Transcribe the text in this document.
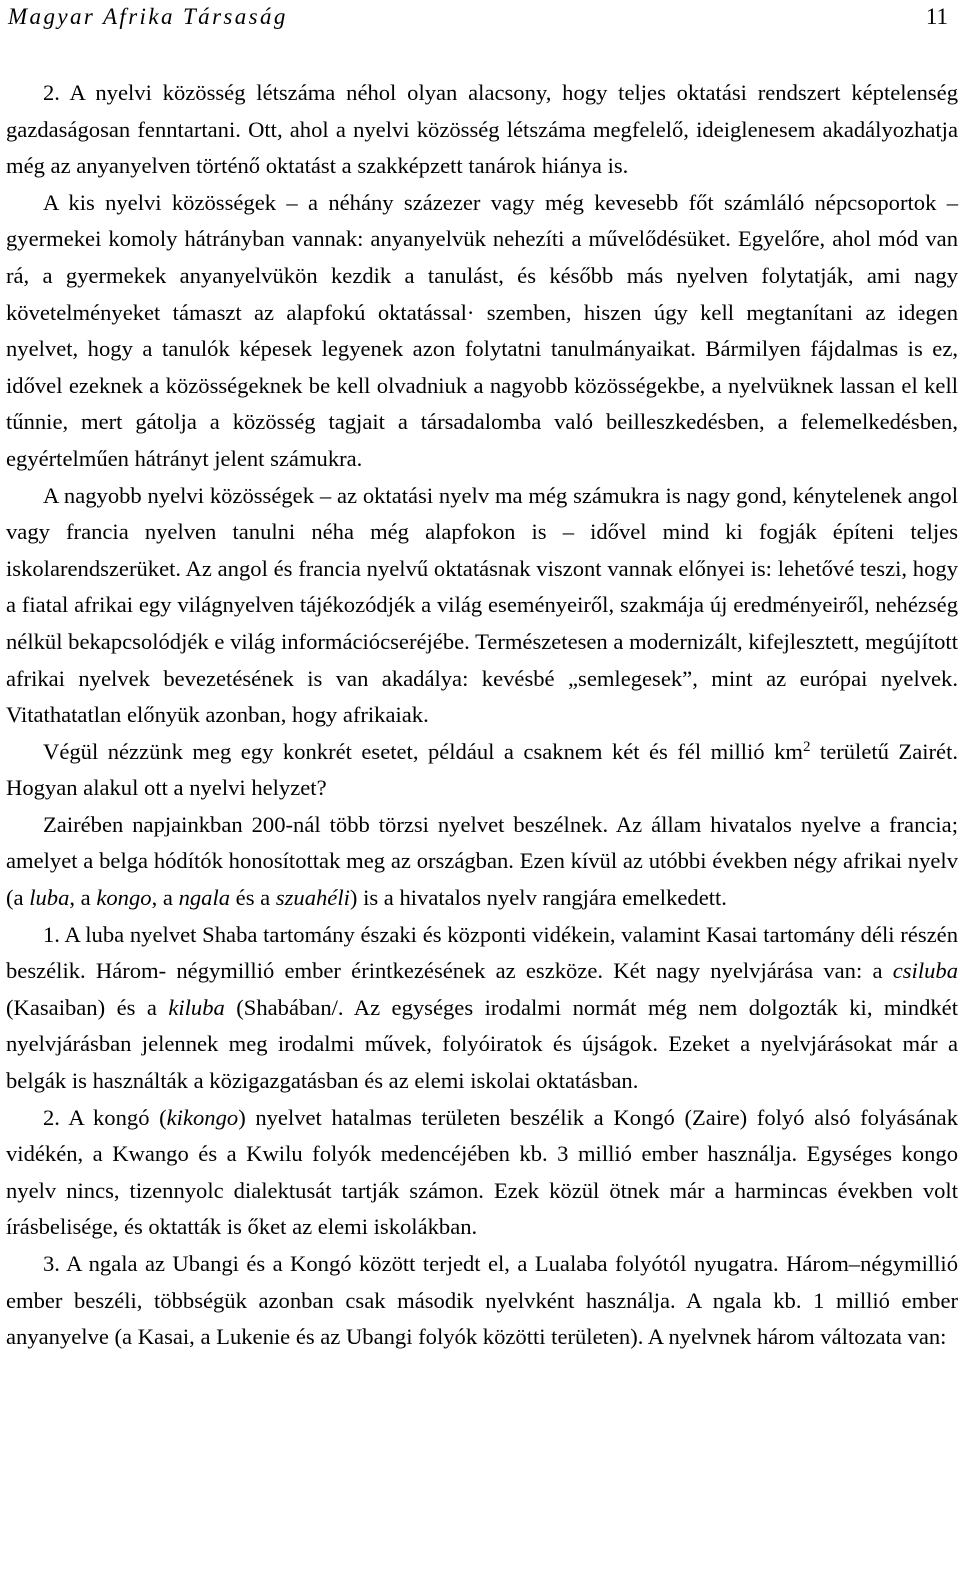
Magyar Afrika Társaság	11

2. A nyelvi közösség létszáma néhol olyan alacsony, hogy teljes oktatási rendszert képtelenség gazdaságosan fenntartani. Ott, ahol a nyelvi közösség létszáma megfelelő, ideiglenesem akadályozhatja még az anyanyelven történő oktatást a szakképzett tanárok hiánya is.

A kis nyelvi közösségek – a néhány százezer vagy még kevesebb főt számláló népcsoportok – gyermekei komoly hátrányban vannak: anyanyelvük nehezíti a művelődésüket. Egyelőre, ahol mód van rá, a gyermekek anyanyelvükön kezdik a tanulást, és később más nyelven folytatják, ami nagy követelményeket támaszt az alapfokú oktatással· szemben, hiszen úgy kell megtanítani az idegen nyelvet, hogy a tanulók képesek legyenek azon folytatni tanulmányaikat. Bármilyen fájdalmas is ez, idővel ezeknek a közösségeknek be kell olvadniuk a nagyobb közösségekbe, a nyelvüknek lassan el kell tűnnie, mert gátolja a közösség tagjait a társadalomba való beilleszkedésben, a felemelkedésben, egyértelműen hátrányt jelent számukra.

A nagyobb nyelvi közösségek – az oktatási nyelv ma még számukra is nagy gond, kénytelenek angol vagy francia nyelven tanulni néha még alapfokon is – idővel mind ki fogják építeni teljes iskolarendszerüket. Az angol és francia nyelvű oktatásnak viszont vannak előnyei is: lehetővé teszi, hogy a fiatal afrikai egy világnyelven tájékozódjék a világ eseményeiről, szakmája új eredményeiről, nehézség nélkül bekapcsolódjék e világ információcseréjébe. Természetesen a modernizált, kifejlesztett, megújított afrikai nyelvek bevezetésének is van akadálya: kevésbé „semlegesek”, mint az európai nyelvek. Vitathatatlan előnyük azonban, hogy afrikaiak.

Végül nézzünk meg egy konkrét esetet, például a csaknem két és fél millió $km^2$ területű Zairét. Hogyan alakul ott a nyelvi helyzet?

Zairében napjainkban 200-nál több törzsi nyelvet beszélnek. Az állam hivatalos nyelve a francia; amelyet a belga hódítók honosítottak meg az országban. Ezen kívül az utóbbi években négy afrikai nyelv (a luba, a kongo, a ngala és a szuahéli) is a hivatalos nyelv rangjára emelkedett.

1. A luba nyelvet Shaba tartomány északi és központi vidékein, valamint Kasai tartomány déli részén beszélik. Három- négymillió ember érintkezésének az eszköze. Két nagy nyelvjárása van: a csiluba (Kasaiban) és a kiluba (Shabában/. Az egységes irodalmi normát még nem dolgozták ki, mindkét nyelvjárásban jelennek meg irodalmi művek, folyóiratok és újságok. Ezeket a nyelvjárásokat már a belgák is használták a közigazgatásban és az elemi iskolai oktatásban.

2. A kongó (kikongo) nyelvet hatalmas területen beszélik a Kongó (Zaire) folyó alsó folyásának vidékén, a Kwango és a Kwilu folyók medencéjében kb. 3 millió ember használja. Egységes kongo nyelv nincs, tizennyolc dialektusát tartják számon. Ezek közül ötnek már a harmincas években volt írásbelisége, és oktatták is őket az elemi iskolákban.

3. A ngala az Ubangi és a Kongó között terjedt el, a Lualaba folyótól nyugatra. Három–négymillió ember beszéli, többségük azonban csak második nyelvként használja. A ngala kb. 1 millió ember anyanyelve (a Kasai, a Lukenie és az Ubangi folyók közötti területen). A nyelvnek három változata van:
